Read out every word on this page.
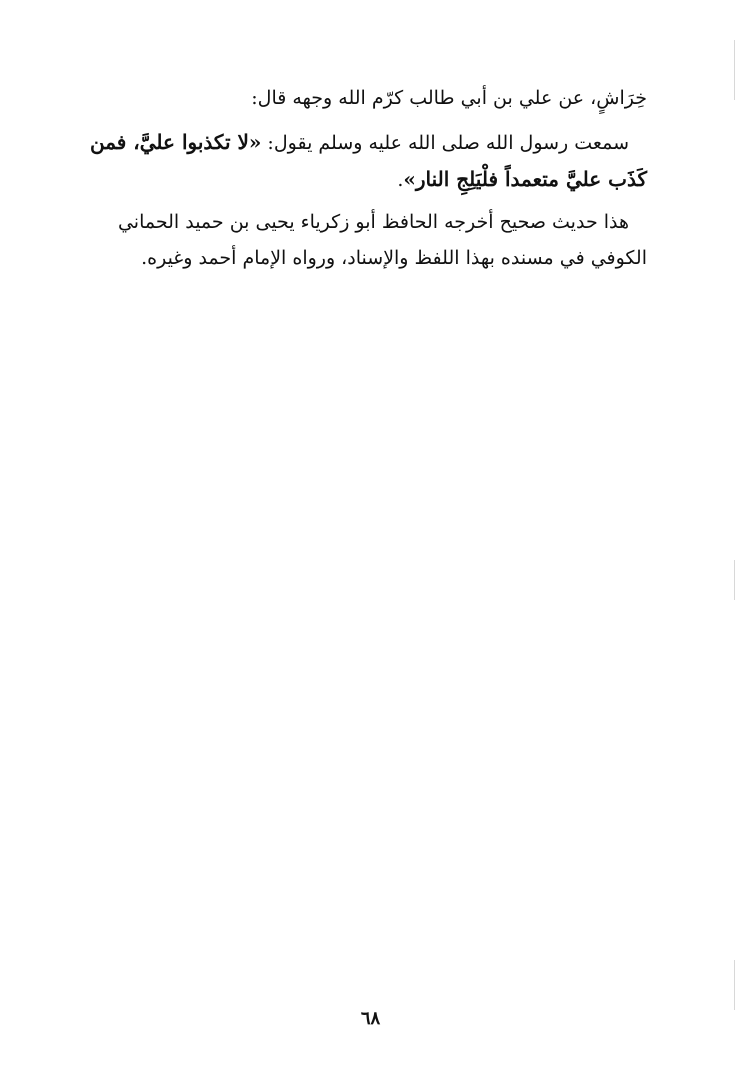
خِرَاشٍ، عن علي بن أبي طالب كرّم الله وجهه قال:
سمعت رسول الله صلى الله عليه وسلم يقول: «لا تكذبوا عليَّ، فمن كَذَب عليَّ متعمداً فلْيَلِجِ النار».
هذا حديث صحيح أخرجه الحافظ أبو زكرياء يحيى بن حميد الحماني الكوفي في مسنده بهذا اللفظ والإسناد، ورواه الإمام أحمد وغيره.
٦٨
